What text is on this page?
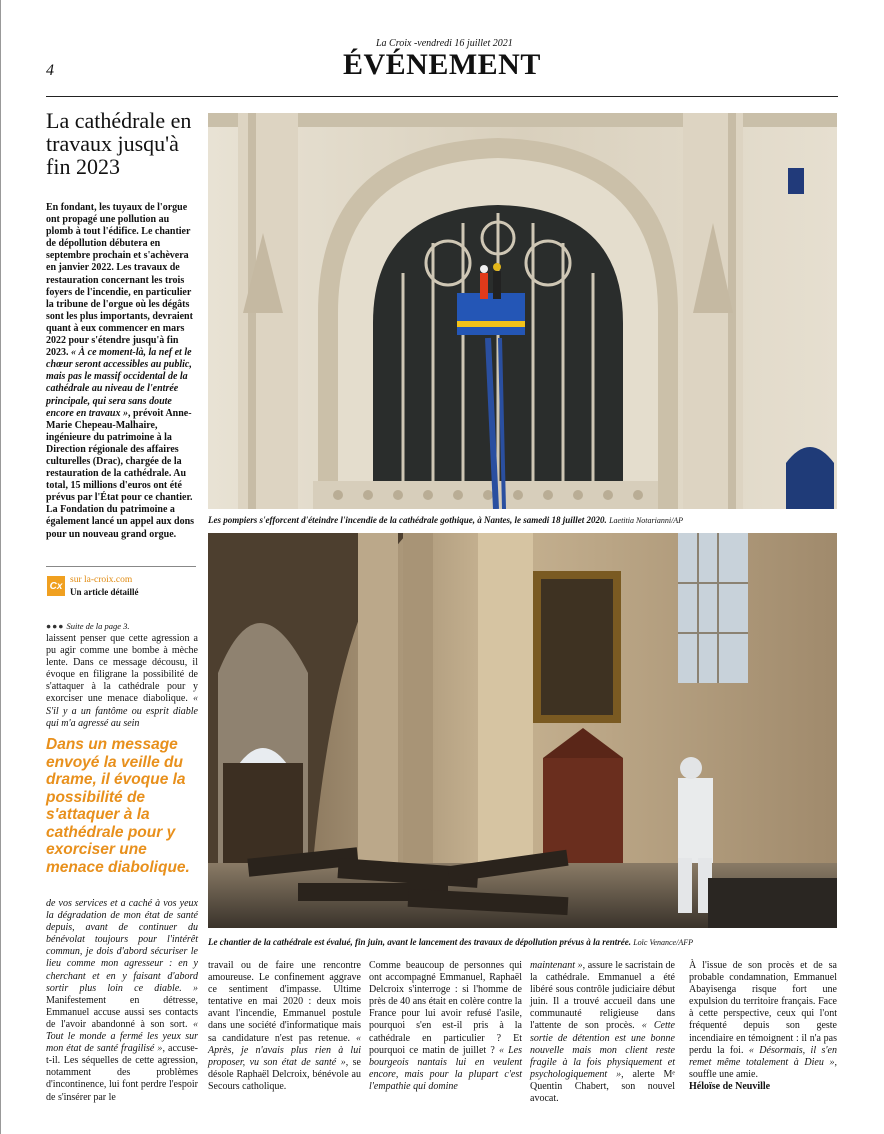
La Croix -vendredi 16 juillet 2021
ÉVÉNEMENT
4
La cathédrale en travaux jusqu'à fin 2023
En fondant, les tuyaux de l'orgue ont propagé une pollution au plomb à tout l'édifice. Le chantier de dépollution débutera en septembre prochain et s'achèvera en janvier 2022. Les travaux de restauration concernant les trois foyers de l'incendie, en particulier la tribune de l'orgue où les dégâts sont les plus importants, devraient quant à eux commencer en mars 2022 pour s'étendre jusqu'à fin 2023. « À ce moment-là, la nef et le chœur seront accessibles au public, mais pas le massif occidental de la cathédrale au niveau de l'entrée principale, qui sera sans doute encore en travaux », prévoit Anne-Marie Chepeau-Malhaire, ingénieure du patrimoine à la Direction régionale des affaires culturelles (Drac), chargée de la restauration de la cathédrale. Au total, 15 millions d'euros ont été prévus par l'État pour ce chantier. La Fondation du patrimoine a également lancé un appel aux dons pour un nouveau grand orgue.
Cx
sur la-croix.com
Un article détaillé
●●● Suite de la page 3.
laissent penser que cette agression a pu agir comme une bombe à mèche lente. Dans ce message décousu, il évoque en filigrane la possibilité de s'attaquer à la cathédrale pour y exorciser une menace diabolique. « S'il y a un fantôme ou esprit diable qui m'a agressé au sein
Dans un message envoyé la veille du drame, il évoque la possibilité de s'attaquer à la cathédrale pour y exorciser une menace diabolique.
de vos services et a caché à vos yeux la dégradation de mon état de santé depuis, avant de continuer du bénévolat toujours pour l'intérêt commun, je dois d'abord sécuriser le lieu comme mon agresseur : en y cherchant et en y faisant d'abord sortir plus loin ce diable. » Manifestement en détresse, Emmanuel accuse aussi ses contacts de l'avoir abandonné à son sort. « Tout le monde a fermé les yeux sur mon état de santé fragilisé », accuse-t-il. Les séquelles de cette agression, notamment des problèmes d'incontinence, lui font perdre l'espoir de s'insérer par le
Les pompiers s'efforcent d'éteindre l'incendie de la cathédrale gothique, à Nantes, le samedi 18 juillet 2020. Laetitia Notarianni/AP
Le chantier de la cathédrale est évalué, fin juin, avant le lancement des travaux de dépollution prévus à la rentrée. Loïc Venance/AFP
travail ou de faire une rencontre amoureuse. Le confinement aggrave ce sentiment d'impasse. Ultime tentative en mai 2020 : deux mois avant l'incendie, Emmanuel postule dans une société d'informatique mais sa candidature n'est pas retenue. « Après, je n'avais plus rien à lui proposer, vu son état de santé », se désole Raphaël Delcroix, bénévole au Secours catholique.
Comme beaucoup de personnes qui ont accompagné Emmanuel, Raphaël Delcroix s'interroge : si l'homme de près de 40 ans était en colère contre la France pour lui avoir refusé l'asile, pourquoi s'en est-il pris à la cathédrale en particulier ? Et pourquoi ce matin de juillet ? « Les bourgeois nantais lui en veulent encore, mais pour la plupart c'est l'empathie qui domine
maintenant », assure le sacristain de la cathédrale. Emmanuel a été libéré sous contrôle judiciaire début juin. Il a trouvé accueil dans une communauté religieuse dans l'attente de son procès. « Cette sortie de détention est une bonne nouvelle mais mon client reste fragile à la fois physiquement et psychologiquement », alerte Mᵉ Quentin Chabert, son nouvel avocat.
À l'issue de son procès et de sa probable condamnation, Emmanuel Abayisenga risque fort une expulsion du territoire français. Face à cette perspective, ceux qui l'ont fréquenté depuis son geste incendiaire en témoignent : il n'a pas perdu la foi. « Désormais, il s'en remet même totalement à Dieu », souffle une amie.
Héloïse de Neuville
